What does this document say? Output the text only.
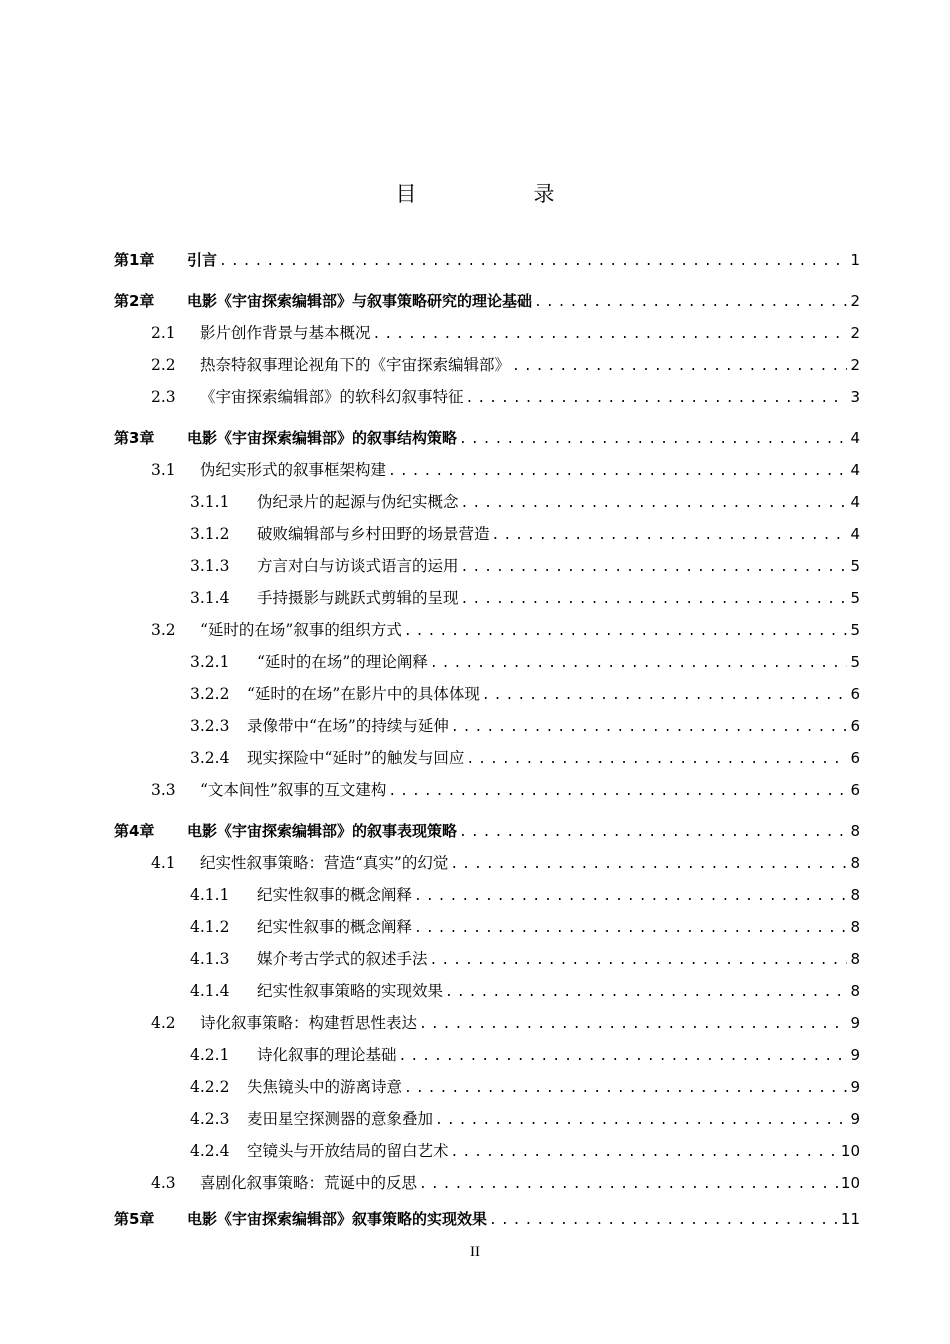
目　录
第1章	引言 .....	1
第2章	电影《宇宙探索编辑部》与叙事策略研究的理论基础 .....	2
2.1	影片创作背景与基本概况 .....	2
2.2	热奈特叙事理论视角下的《宇宙探索编辑部》 .....	2
2.3	《宇宙探索编辑部》的软科幻叙事特征 .....	3
第3章	电影《宇宙探索编辑部》的叙事结构策略 .....	4
3.1	伪纪实形式的叙事框架构建 .....	4
3.1.1	伪纪录片的起源与伪纪实概念 .....	4
3.1.2	破败编辑部与乡村田野的场景营造 .....	4
3.1.3	方言对白与访谈式语言的运用 .....	5
3.1.4	手持摄影与跳跃式剪辑的呈现 .....	5
3.2	“延时的在场”叙事的组织方式 .....	5
3.2.1	“延时的在场”的理论阐释 .....	5
3.2.2	“延时的在场”在影片中的具体体现 .....	6
3.2.3	录像带中“在场”的持续与延伸 .....	6
3.2.4	现实探险中“延时”的触发与回应 .....	6
3.3	“文本间性”叙事的互文建构 .....	6
第4章	电影《宇宙探索编辑部》的叙事表现策略 .....	8
4.1	纪实性叙事策略：营造“真实”的幻觉 .....	8
4.1.1	纪实性叙事的概念阐释 .....	8
4.1.2	纪实性叙事的概念阐释 .....	8
4.1.3	媒介考古学式的叙述手法 .....	8
4.1.4	纪实性叙事策略的实现效果 .....	8
4.2	诗化叙事策略：构建哲思性表达 .....	9
4.2.1	诗化叙事的理论基础 .....	9
4.2.2	失焦镜头中的游离诗意 .....	9
4.2.3	麦田星空探测器的意象叠加 .....	9
4.2.4	空镜头与开放结局的留白艺术 .....	10
4.3	喜剧化叙事策略：荒诞中的反思 .....	10
第5章	电影《宇宙探索编辑部》叙事策略的实现效果 .....	11
II
